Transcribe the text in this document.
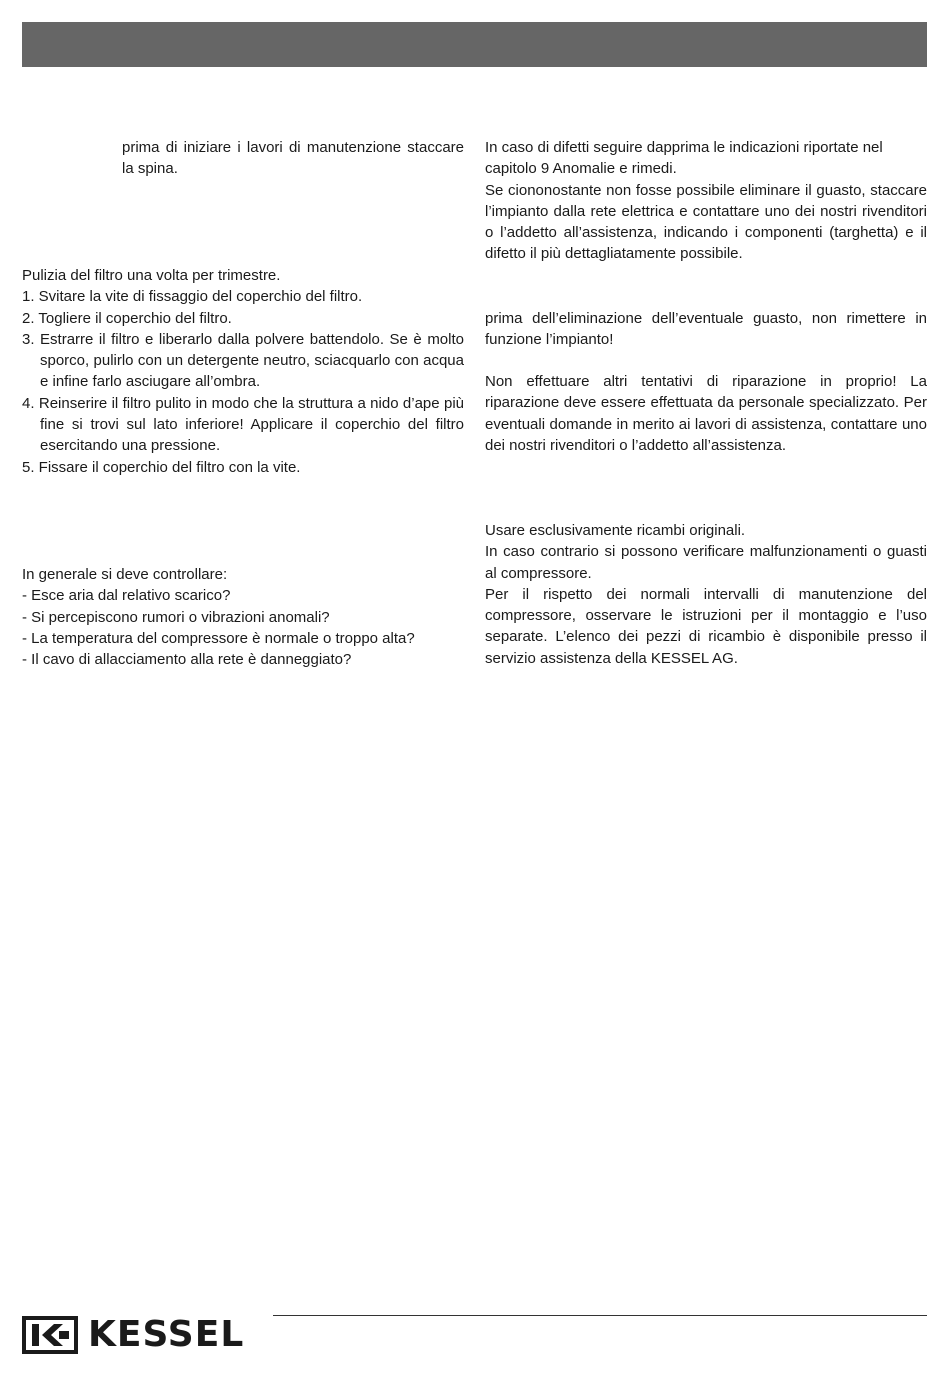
prima di iniziare i lavori di manutenzione staccare la spina.

Pulizia del filtro una volta per trimestre.

1. Svitare la vite di fissaggio del coperchio del filtro.

2. Togliere il coperchio del filtro.

3. Estrarre il filtro e liberarlo dalla polvere battendolo. Se è molto sporco, pulirlo con un detergente neutro, sciacquarlo con acqua e infine farlo asciugare all’ombra.

4. Reinserire il filtro pulito in modo che la struttura a nido d’ape più fine si trovi sul lato inferiore! Applicare il coperchio del filtro esercitando una pressione.

5. Fissare il coperchio del filtro con la vite.

In generale si deve controllare:

- Esce aria dal relativo scarico?

- Si percepiscono rumori o vibrazioni anomali?

- La temperatura del compressore è normale o troppo alta?

- Il cavo di allacciamento alla rete è danneggiato?

In caso di difetti seguire dapprima le indicazioni riportate nel capitolo 9 Anomalie e rimedi.

Se ciononostante non fosse possibile eliminare il guasto, staccare l’impianto dalla rete elettrica e contattare uno dei nostri rivenditori o l’addetto all’assistenza, indicando i componenti (targhetta) e il difetto il più dettagliatamente possibile.

prima dell’eliminazione dell’eventuale guasto, non rimettere in funzione l’impianto!

Non effettuare altri tentativi di riparazione in proprio! La riparazione deve essere effettuata da personale specializzato. Per eventuali domande in merito ai lavori di assistenza, contattare uno dei nostri rivenditori o l’addetto all’assistenza.

Usare esclusivamente ricambi originali.

In caso contrario si possono verificare malfunzionamenti o guasti al compressore.

Per il rispetto dei normali intervalli di manutenzione del compressore, osservare le istruzioni per il montaggio e l’uso separate. L’elenco dei pezzi di ricambio è disponibile presso il servizio assistenza della KESSEL AG.

KESSEL
